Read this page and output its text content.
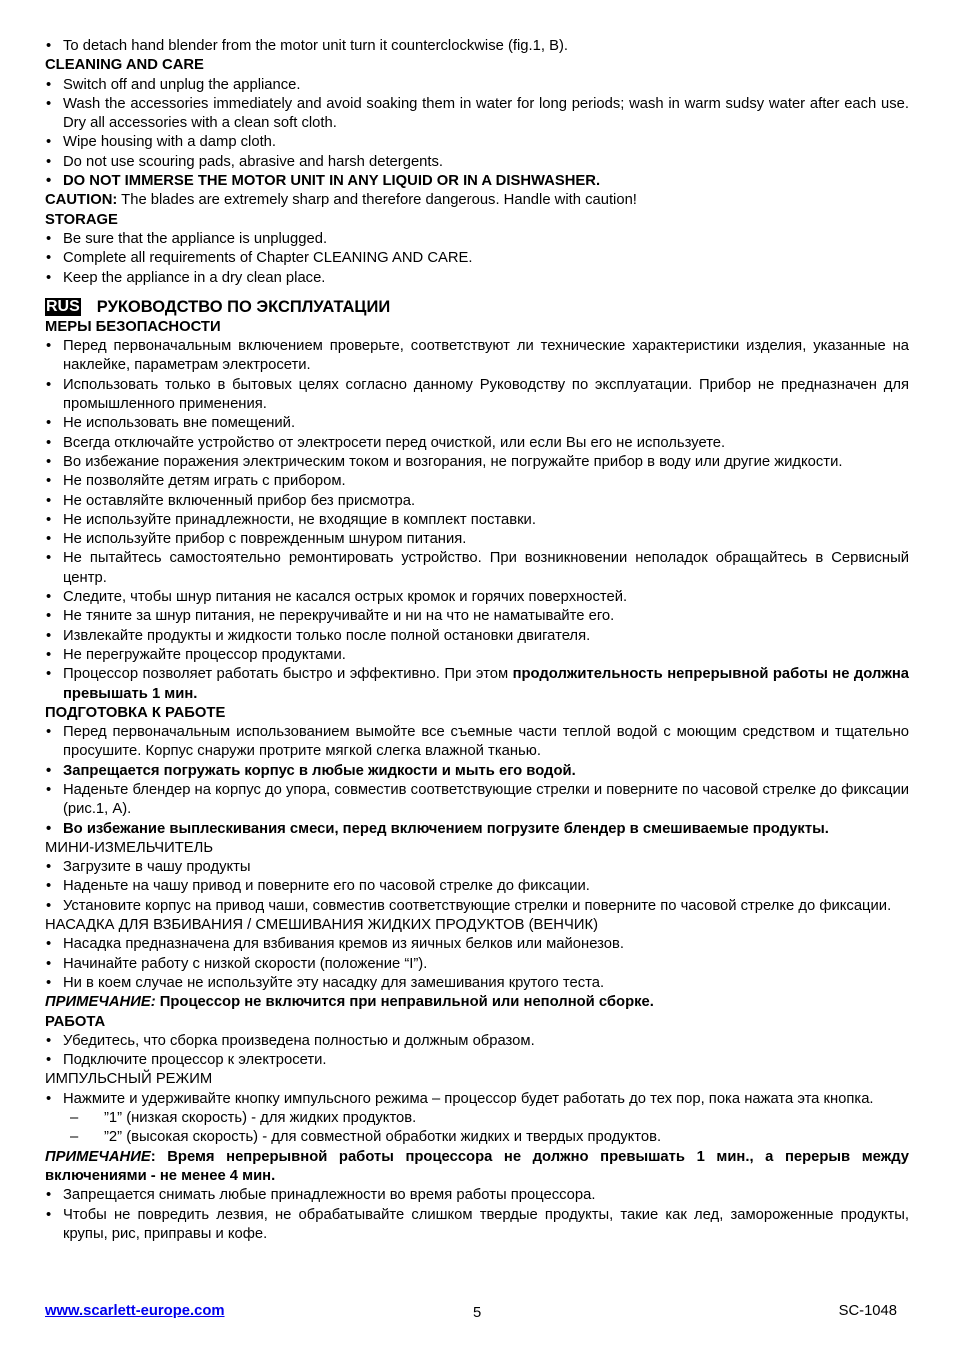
• To detach hand blender from the motor unit turn it counterclockwise (fig.1, B).
CLEANING AND CARE
• Switch off and unplug the appliance.
• Wash the accessories immediately and avoid soaking them in water for long periods; wash in warm sudsy water after each use. Dry all accessories with a clean soft cloth.
• Wipe housing with a damp cloth.
• Do not use scouring pads, abrasive and harsh detergents.
• DO NOT IMMERSE THE MOTOR UNIT IN ANY LIQUID OR IN A DISHWASHER.
CAUTION: The blades are extremely sharp and therefore dangerous. Handle with caution!
STORAGE
• Be sure that the appliance is unplugged.
• Complete all requirements of Chapter CLEANING AND CARE.
• Keep the appliance in a dry clean place.
RUS РУКОВОДСТВО ПО ЭКСПЛУАТАЦИИ
МЕРЫ БЕЗОПАСНОСТИ
• Перед первоначальным включением проверьте, соответствуют ли технические характеристики изделия, указанные на наклейке, параметрам электросети.
• Использовать только в бытовых целях согласно данному Руководству по эксплуатации. Прибор не предназначен для промышленного применения.
• Не использовать вне помещений.
• Всегда отключайте устройство от электросети перед очисткой, или если Вы его не используете.
• Во избежание поражения электрическим током и возгорания, не погружайте прибор в воду или другие жидкости.
• Не позволяйте детям играть с прибором.
• Не оставляйте включенный прибор без присмотра.
• Не используйте принадлежности, не входящие в комплект поставки.
• Не используйте прибор с поврежденным шнуром питания.
• Не пытайтесь самостоятельно ремонтировать устройство. При возникновении неполадок обращайтесь в Сервисный центр.
• Следите, чтобы шнур питания не касался острых кромок и горячих поверхностей.
• Не тяните за шнур питания, не перекручивайте и ни на что не наматывайте его.
• Извлекайте продукты и жидкости только после полной остановки двигателя.
• Не перегружайте процессор продуктами.
• Процессор позволяет работать быстро и эффективно. При этом продолжительность непрерывной работы не должна превышать 1 мин.
ПОДГОТОВКА К РАБОТЕ
• Перед первоначальным использованием вымойте все съемные части теплой водой с моющим средством и тщательно просушите. Корпус снаружи протрите мягкой слегка влажной тканью.
• Запрещается погружать корпус в любые жидкости и мыть его водой.
• Наденьте блендер на корпус до упора, совместив соответствующие стрелки и поверните по часовой стрелке до фиксации (рис.1, А).
• Во избежание выплескивания смеси, перед включением погрузите блендер в смешиваемые продукты.
МИНИ-ИЗМЕЛЬЧИТЕЛЬ
• Загрузите в чашу продукты
• Наденьте на чашу привод и поверните его по часовой стрелке до фиксации.
• Установите корпус на привод чаши, совместив соответствующие стрелки и поверните по часовой стрелке до фиксации.
НАСАДКА ДЛЯ ВЗБИВАНИЯ / СМЕШИВАНИЯ ЖИДКИХ ПРОДУКТОВ (ВЕНЧИК)
• Насадка предназначена для взбивания кремов из яичных белков или майонезов.
• Начинайте работу с низкой скорости (положение “I”).
• Ни в коем случае не используйте эту насадку для замешивания крутого теста.
ПРИМЕЧАНИЕ: Процессор не включится при неправильной или неполной сборке.
РАБОТА
• Убедитесь, что сборка произведена полностью и должным образом.
• Подключите процессор к электросети.
ИМПУЛЬСНЫЙ РЕЖИМ
• Нажмите и удерживайте кнопку импульсного режима – процессор будет работать до тех пор, пока нажата эта кнопка.
– ”1” (низкая скорость) - для жидких продуктов.
– ”2” (высокая скорость) - для совместной обработки жидких и твердых продуктов.
ПРИМЕЧАНИЕ: Время непрерывной работы процессора не должно превышать 1 мин., а перерыв между включениями - не менее 4 мин.
• Запрещается снимать любые принадлежности во время работы процессора.
• Чтобы не повредить лезвия, не обрабатывайте слишком твердые продукты, такие как лед, замороженные продукты, крупы, рис, приправы и кофе.
www.scarlett-europe.com	5	SC-1048
